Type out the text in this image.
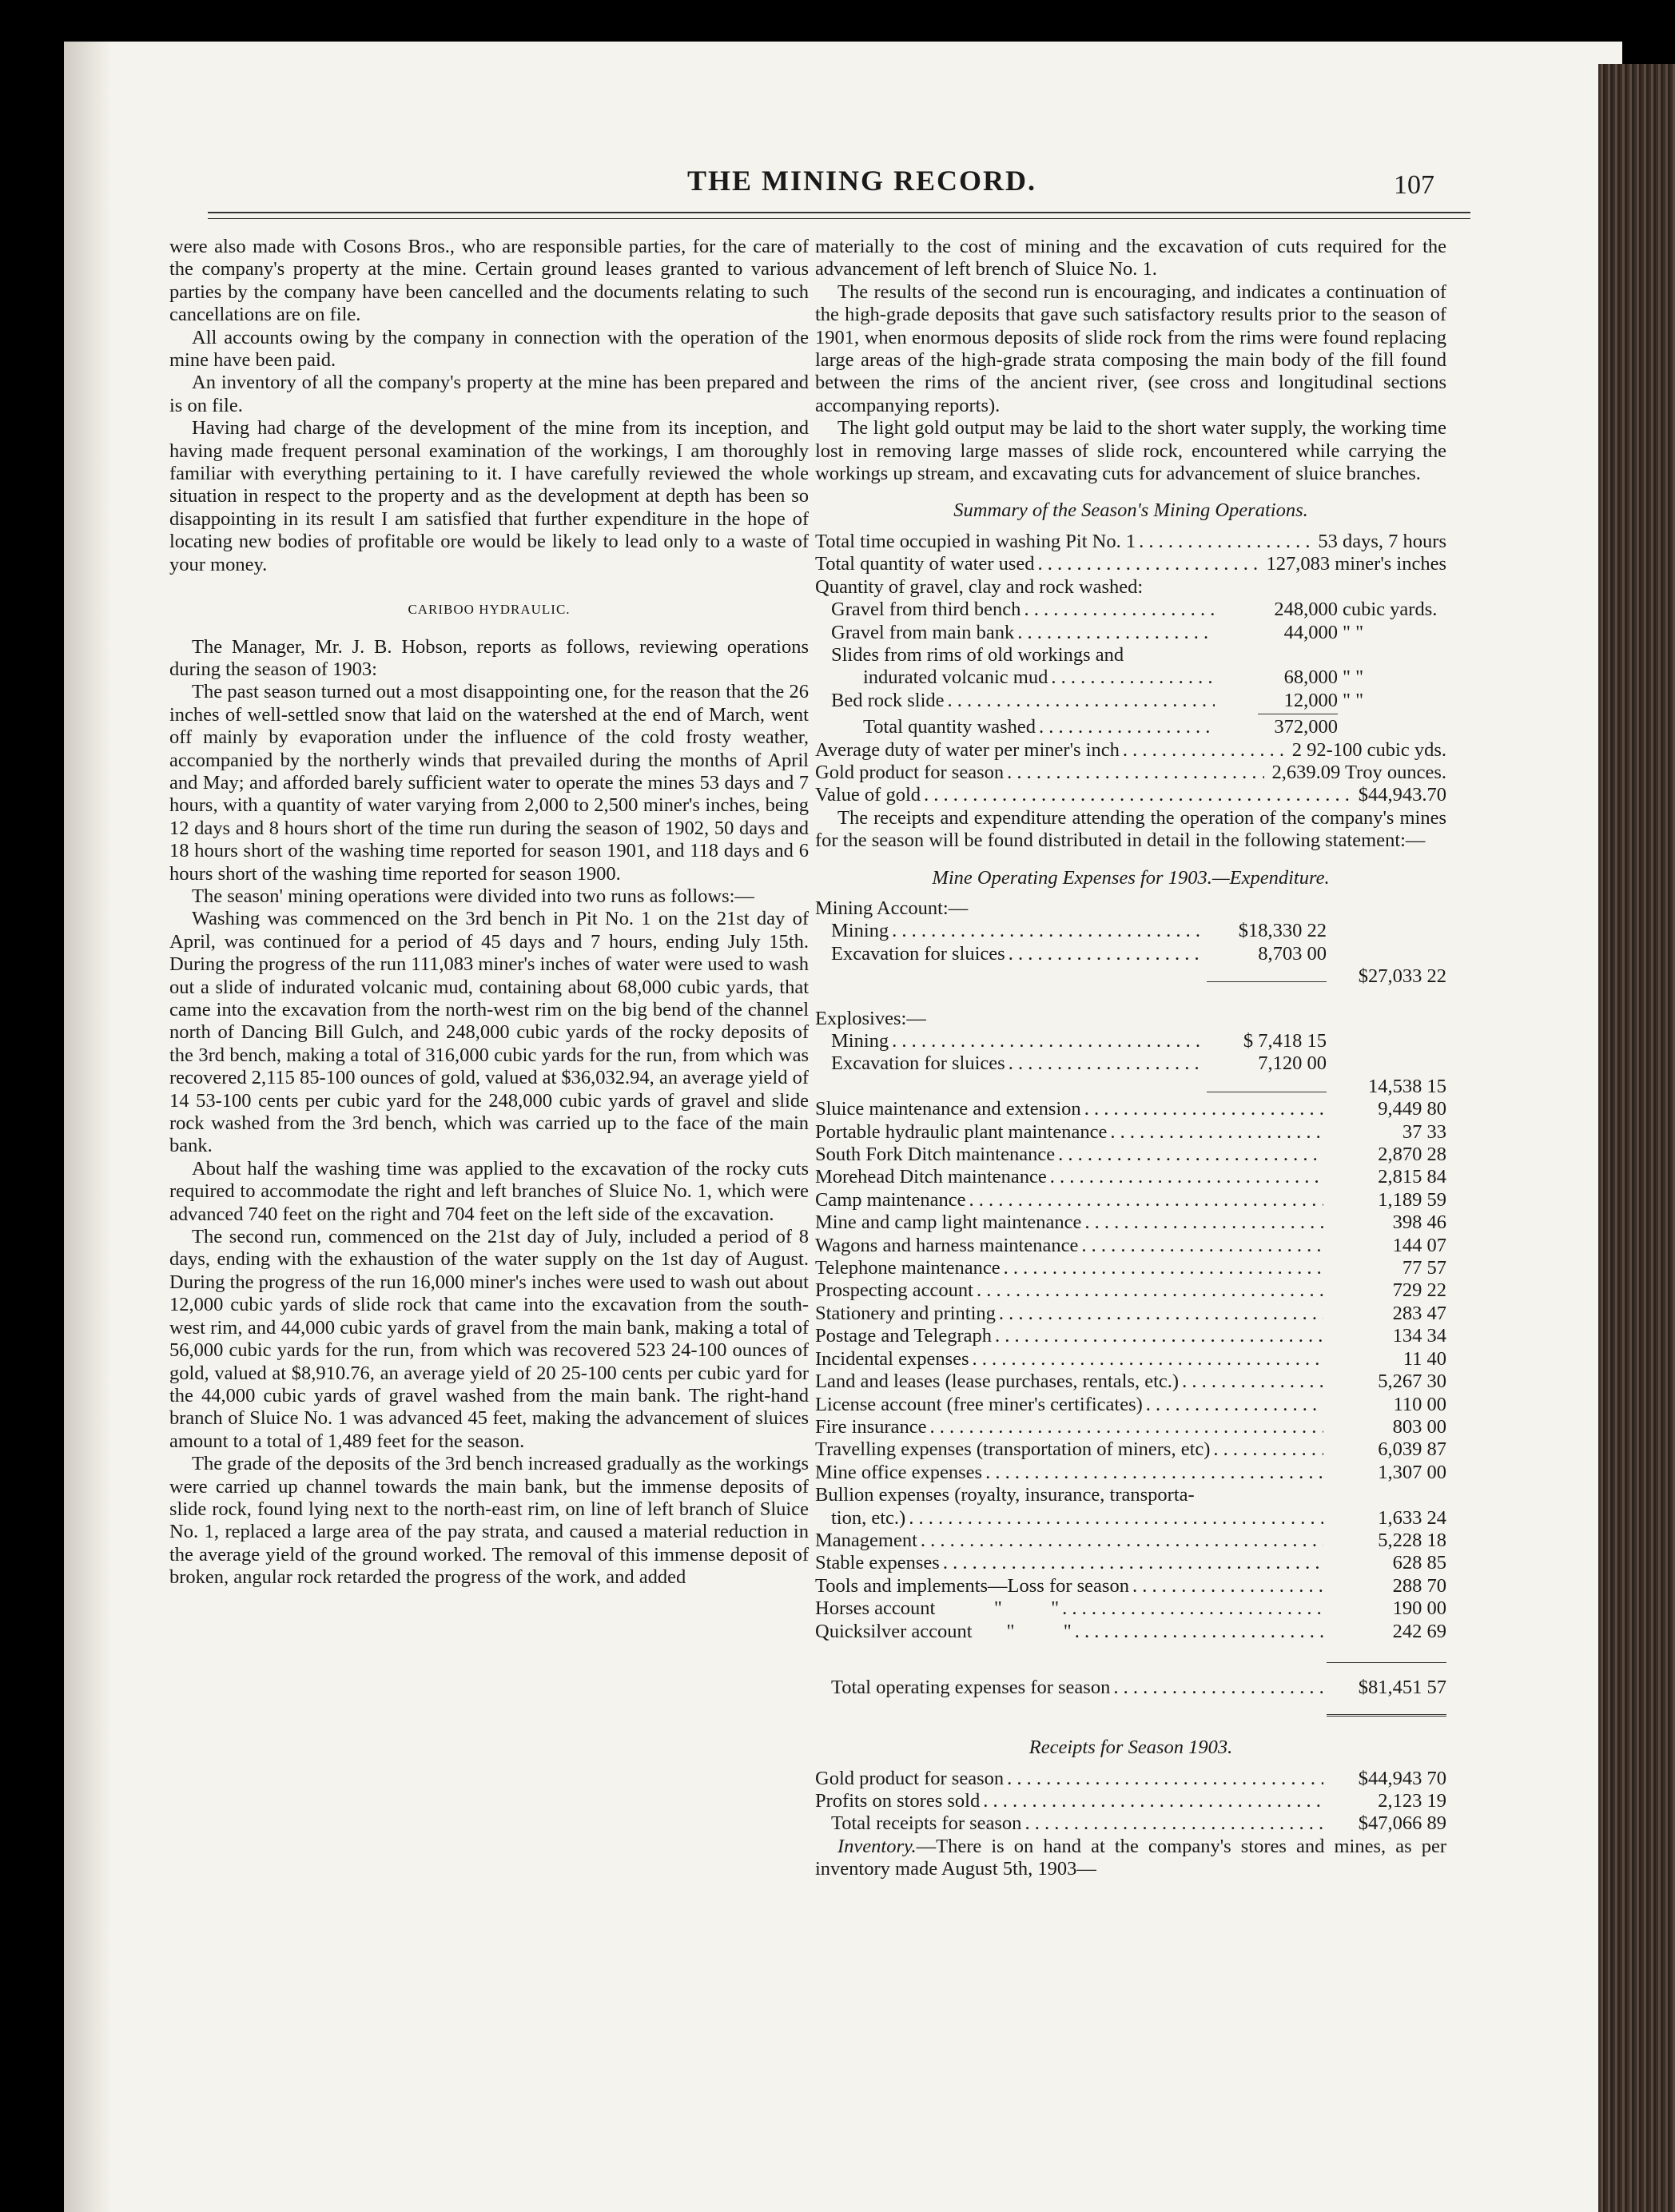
THE MINING RECORD.	107

were also made with Cosons Bros., who are responsible parties, for the care of the company's property at the mine. Certain ground leases granted to various parties by the company have been cancelled and the documents relating to such cancellations are on file.

All accounts owing by the company in connection with the operation of the mine have been paid.

An inventory of all the company's property at the mine has been prepared and is on file.

Having had charge of the development of the mine from its inception, and having made frequent personal examination of the workings, I am thoroughly familiar with everything pertaining to it. I have carefully reviewed the whole situation in respect to the property and as the development at depth has been so disappointing in its result I am satisfied that further expenditure in the hope of locating new bodies of profitable ore would be likely to lead only to a waste of your money.

CARIBOO HYDRAULIC.

The Manager, Mr. J. B. Hobson, reports as follows, reviewing operations during the season of 1903:

The past season turned out a most disappointing one, for the reason that the 26 inches of well-settled snow that laid on the watershed at the end of March, went off mainly by evaporation under the influence of the cold frosty weather, accompanied by the northerly winds that prevailed during the months of April and May; and afforded barely sufficient water to operate the mines 53 days and 7 hours, with a quantity of water varying from 2,000 to 2,500 miner's inches, being 12 days and 8 hours short of the time run during the season of 1902, 50 days and 18 hours short of the washing time reported for season 1901, and 118 days and 6 hours short of the washing time reported for season 1900.

The season' mining operations were divided into two runs as follows:—

Washing was commenced on the 3rd bench in Pit No. 1 on the 21st day of April, was continued for a period of 45 days and 7 hours, ending July 15th. During the progress of the run 111,083 miner's inches of water were used to wash out a slide of indurated volcanic mud, containing about 68,000 cubic yards, that came into the excavation from the north-west rim on the big bend of the channel north of Dancing Bill Gulch, and 248,000 cubic yards of the rocky deposits of the 3rd bench, making a total of 316,000 cubic yards for the run, from which was recovered 2,115 85-100 ounces of gold, valued at $36,032.94, an average yield of 14 53-100 cents per cubic yard for the 248,000 cubic yards of gravel and slide rock washed from the 3rd bench, which was carried up to the face of the main bank.

About half the washing time was applied to the excavation of the rocky cuts required to accommodate the right and left branches of Sluice No. 1, which were advanced 740 feet on the right and 704 feet on the left side of the excavation.

The second run, commenced on the 21st day of July, included a period of 8 days, ending with the exhaustion of the water supply on the 1st day of August. During the progress of the run 16,000 miner's inches were used to wash out about 12,000 cubic yards of slide rock that came into the excavation from the south-west rim, and 44,000 cubic yards of gravel from the main bank, making a total of 56,000 cubic yards for the run, from which was recovered 523 24-100 ounces of gold, valued at $8,910.76, an average yield of 20 25-100 cents per cubic yard for the 44,000 cubic yards of gravel washed from the main bank. The right-hand branch of Sluice No. 1 was advanced 45 feet, making the advancement of sluices amount to a total of 1,489 feet for the season.

The grade of the deposits of the 3rd bench increased gradually as the workings were carried up channel towards the main bank, but the immense deposits of slide rock, found lying next to the north-east rim, on line of left branch of Sluice No. 1, replaced a large area of the pay strata, and caused a material reduction in the average yield of the ground worked. The removal of this immense deposit of broken, angular rock retarded the progress of the work, and added

materially to the cost of mining and the excavation of cuts required for the advancement of left brench of Sluice No. 1.

The results of the second run is encouraging, and indicates a continuation of the high-grade deposits that gave such satisfactory results prior to the season of 1901, when enormous deposits of slide rock from the rims were found replacing large areas of the high-grade strata composing the main body of the fill found between the rims of the ancient river, (see cross and longitudinal sections accompanying reports).

The light gold output may be laid to the short water supply, the working time lost in removing large masses of slide rock, encountered while carrying the workings up stream, and excavating cuts for advancement of sluice branches.

Summary of the Season's Mining Operations.
Total time occupied in washing Pit No. 1 . . .	53 days, 7 hours
Total quantity of water used . . .	127,083 miner's inches
Quantity of gravel, clay and rock washed:
Gravel from third bench . . .	248,000 cubic yards.
Gravel from main bank . . .	44,000 " "
Slides from rims of old workings and
indurated volcanic mud . . .	68,000 " "
Bed rock slide . . .	12,000 " "
Total quantity washed . . .	372,000
Average duty of water per miner's inch . . .	2 92-100 cubic yds.
Gold product for season . . .	2,639.09 Troy ounces.
Value of gold . . .	$44,943.70

The receipts and expenditure attending the operation of the company's mines for the season will be found distributed in detail in the following statement:—

Mine Operating Expenses for 1903.—Expenditure.
Mining Account:—
Mining . . .	$18,330 22
Excavation for sluices . . .	8,703 00
$27,033 22
Explosives:—
Mining . . .	$ 7,418 15
Excavation for sluices . . .	7,120 00
14,538 15
Sluice maintenance and extension . . .	9,449 80
Portable hydraulic plant maintenance . . .	37 33
South Fork Ditch maintenance . . .	2,870 28
Morehead Ditch maintenance . . .	2,815 84
Camp maintenance . . .	1,189 59
Mine and camp light maintenance . . .	398 46
Wagons and harness maintenance . . .	144 07
Telephone maintenance . . .	77 57
Prospecting account . . .	729 22
Stationery and printing . . .	283 47
Postage and Telegraph . . .	134 34
Incidental expenses . . .	11 40
Land and leases (lease purchases, rentals, etc.) . . .	5,267 30
License account (free miner's certificates) . . .	110 00
Fire insurance . . .	803 00
Travelling expenses (transportation of miners, etc) . . .	6,039 87
Mine office expenses . . .	1,307 00
Bullion expenses (royalty, insurance, transporta-
tion, etc.) . . .	1,633 24
Management . . .	5,228 18
Stable expenses . . .	628 85
Tools and implements—Loss for season . . .	288 70
Horses account            "          " . . .	190 00
Quicksilver account       "          " . . .	242 69
Total operating expenses for season . . .	$81,451 57
Receipts for Season 1903.
Gold product for season . . .	$44,943 70
Profits on stores sold . . .	2,123 19
Total receipts for season . . .	$47,066 89

Inventory.—There is on hand at the company's stores and mines, as per inventory made August 5th, 1903—
